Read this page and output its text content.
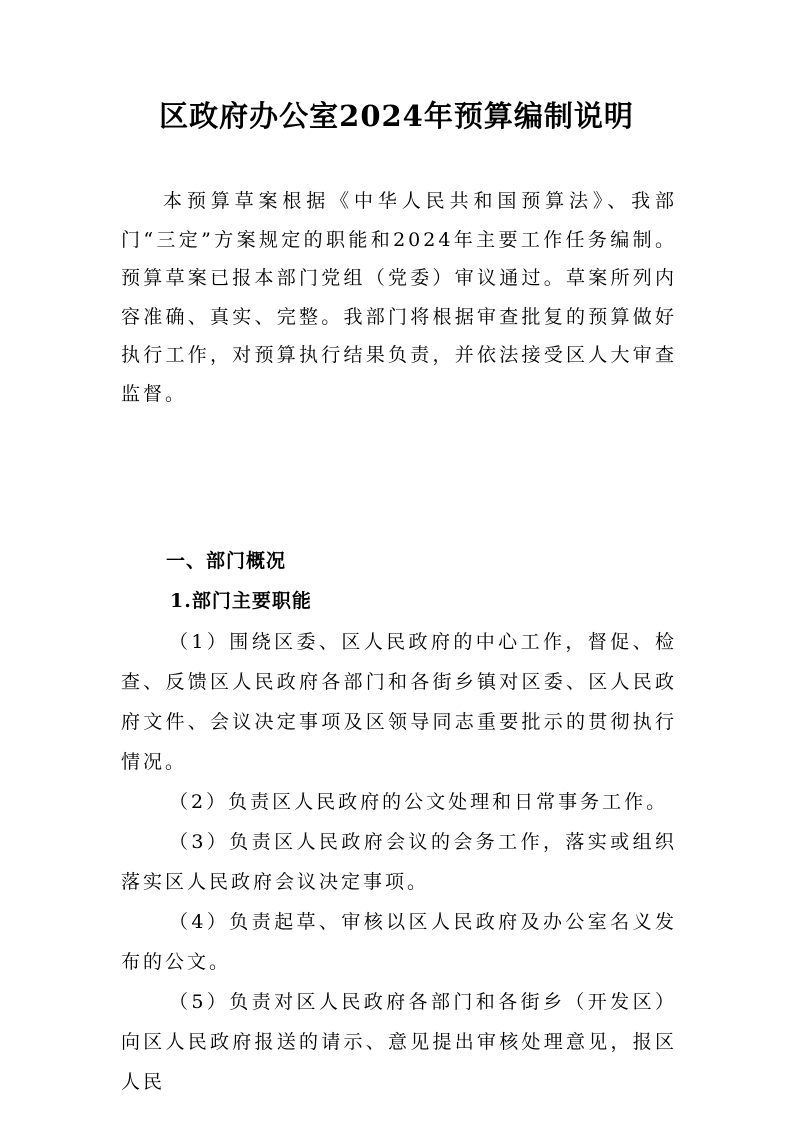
区政府办公室2024年预算编制说明

本预算草案根据《中华人民共和国预算法》、我部门“三定”方案规定的职能和2024年主要工作任务编制。预算草案已报本部门党组（党委）审议通过。草案所列内容准确、真实、完整。我部门将根据审查批复的预算做好执行工作，对预算执行结果负责，并依法接受区人大审查监督。

一、部门概况
1.部门主要职能

（1）围绕区委、区人民政府的中心工作，督促、检查、反馈区人民政府各部门和各街乡镇对区委、区人民政府文件、会议决定事项及区领导同志重要批示的贯彻执行情况。

（2）负责区人民政府的公文处理和日常事务工作。

（3）负责区人民政府会议的会务工作，落实或组织落实区人民政府会议决定事项。

（4）负责起草、审核以区人民政府及办公室名义发布的公文。

（5）负责对区人民政府各部门和各街乡（开发区）向区人民政府报送的请示、意见提出审核处理意见，报区人民
